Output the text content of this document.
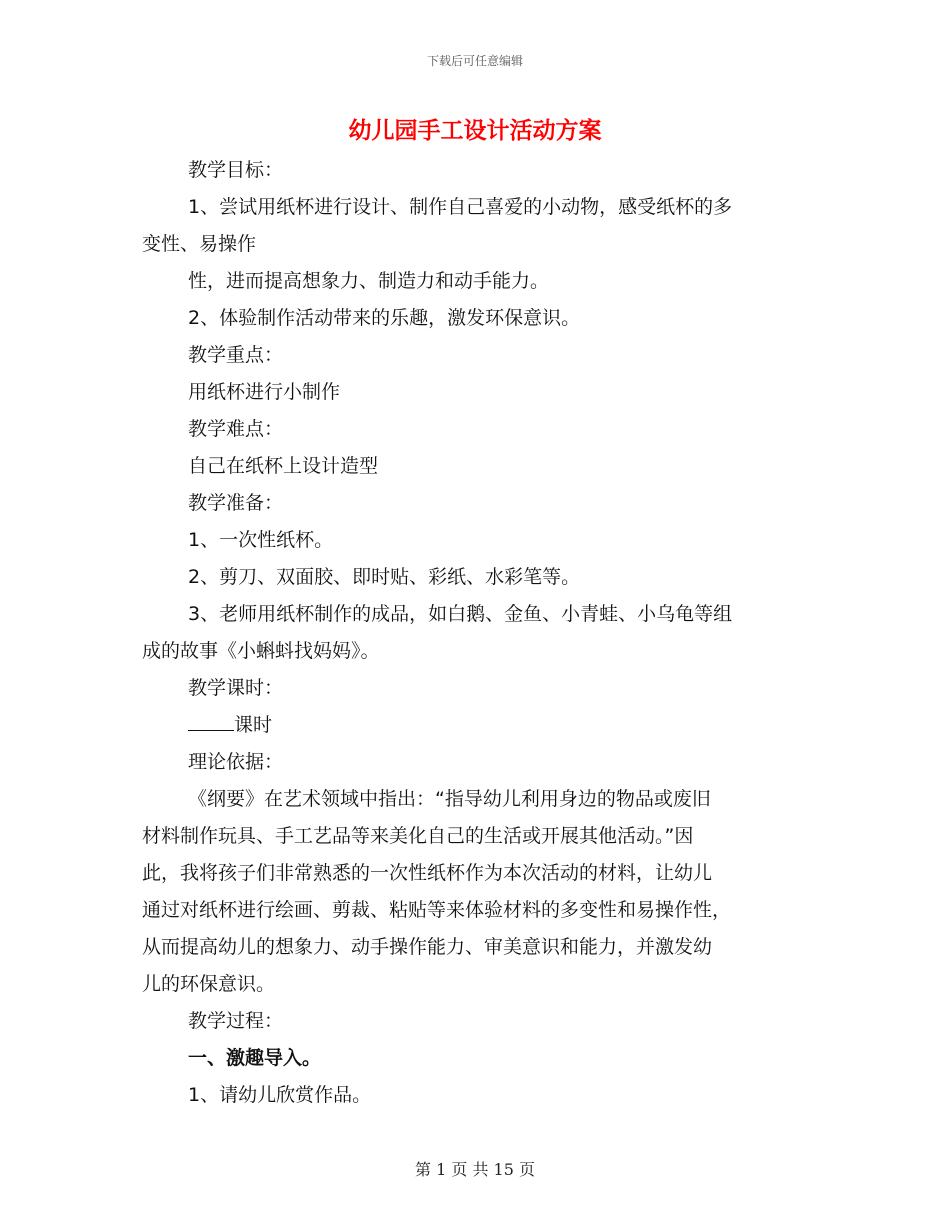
下载后可任意编辑
幼儿园手工设计活动方案

教学目标：

1、尝试用纸杯进行设计、制作自己喜爱的小动物，感受纸杯的多

变性、易操作

性，进而提高想象力、制造力和动手能力。

2、体验制作活动带来的乐趣，激发环保意识。

教学重点：

用纸杯进行小制作

教学难点：

自己在纸杯上设计造型

教学准备：

1、一次性纸杯。

2、剪刀、双面胶、即时贴、彩纸、水彩笔等。

3、老师用纸杯制作的成品，如白鹅、金鱼、小青蛙、小乌龟等组

成的故事《小蝌蚪找妈妈》。

教学课时：

课时

理论依据：

《纲要》在艺术领域中指出：“指导幼儿利用身边的物品或废旧

材料制作玩具、手工艺品等来美化自己的生活或开展其他活动。”因

此，我将孩子们非常熟悉的一次性纸杯作为本次活动的材料，让幼儿

通过对纸杯进行绘画、剪裁、粘贴等来体验材料的多变性和易操作性，

从而提高幼儿的想象力、动手操作能力、审美意识和能力，并激发幼

儿的环保意识。

教学过程：

一、激趣导入。

1、请幼儿欣赏作品。

第 1 页 共 15 页
